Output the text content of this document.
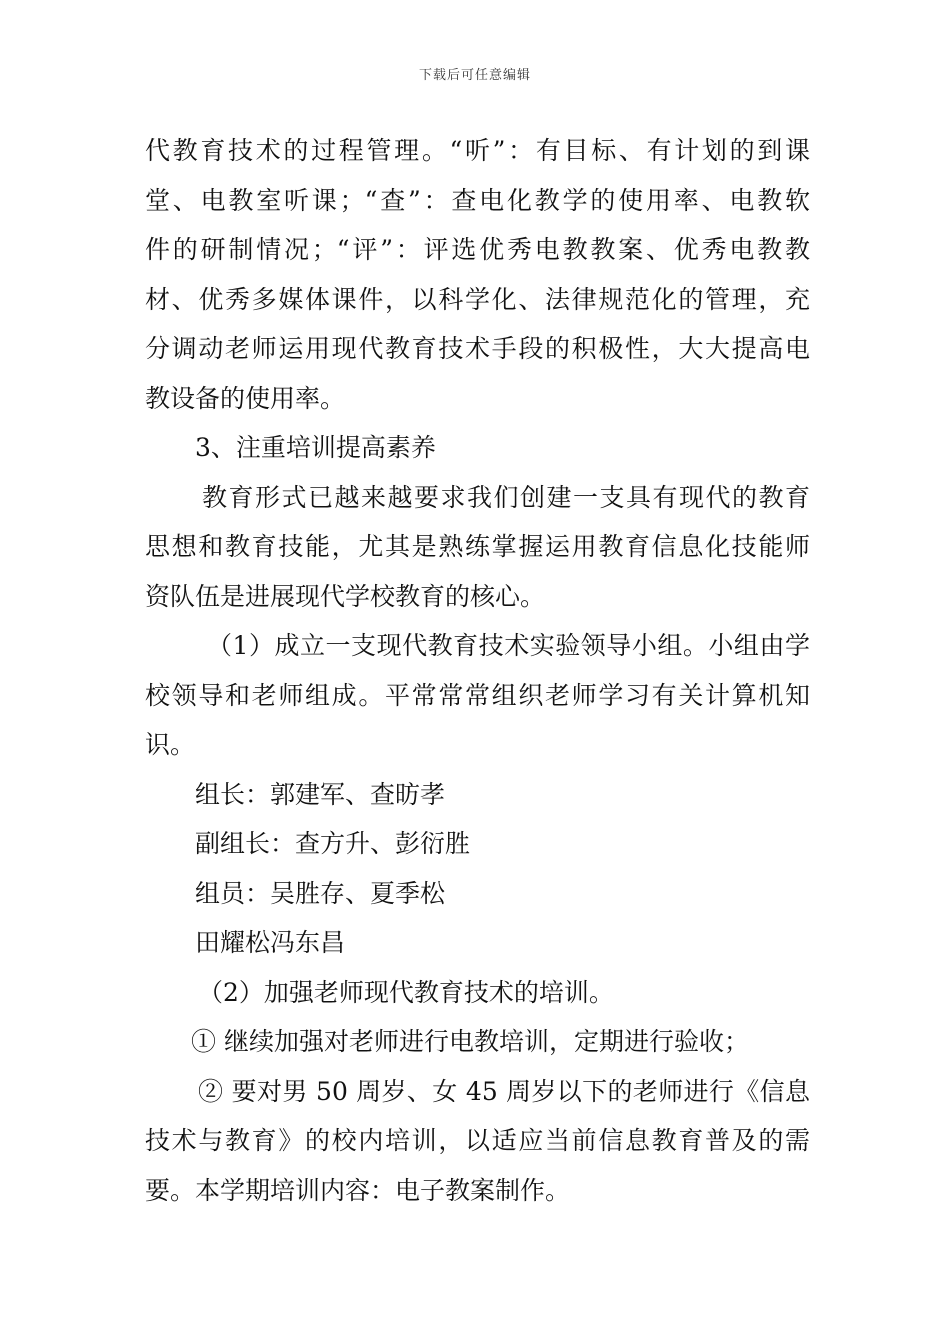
下载后可任意编辑
代教育技术的过程管理。“听”：有目标、有计划的到课
堂、电教室听课；“查”：查电化教学的使用率、电教软
件的研制情况；“评”：评选优秀电教教案、优秀电教教
材、优秀多媒体课件，以科学化、法律规范化的管理，充
分调动老师运用现代教育技术手段的积极性，大大提高电
教设备的使用率。
3、注重培训提高素养
教育形式已越来越要求我们创建一支具有现代的教育
思想和教育技能，尤其是熟练掌握运用教育信息化技能师
资队伍是进展现代学校教育的核心。
（1）成立一支现代教育技术实验领导小组。小组由学
校领导和老师组成。平常常常组织老师学习有关计算机知
识。
组长：郭建军、查昉孝
副组长：查方升、彭衍胜
组员：吴胜存、夏季松
田耀松冯东昌
（2）加强老师现代教育技术的培训。
① 继续加强对老师进行电教培训，定期进行验收；
② 要对男 50 周岁、女 45 周岁以下的老师进行《信息
技术与教育》的校内培训，以适应当前信息教育普及的需
要。本学期培训内容：电子教案制作。
